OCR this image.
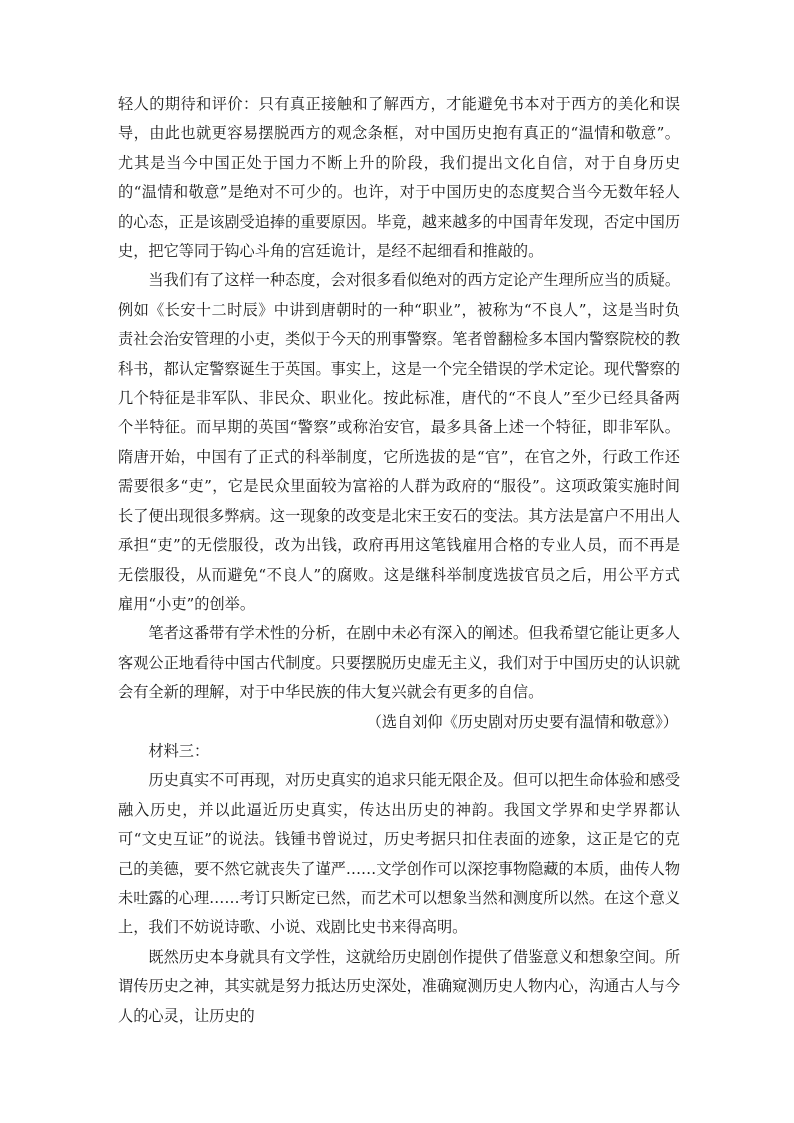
轻人的期待和评价：只有真正接触和了解西方，才能避免书本对于西方的美化和误导，由此也就更容易摆脱西方的观念条框，对中国历史抱有真正的“温情和敬意”。尤其是当今中国正处于国力不断上升的阶段，我们提出文化自信，对于自身历史的“温情和敬意”是绝对不可少的。也许，对于中国历史的态度契合当今无数年轻人的心态，正是该剧受追捧的重要原因。毕竟，越来越多的中国青年发现，否定中国历史，把它等同于钩心斗角的宫廷诡计，是经不起细看和推敲的。

当我们有了这样一种态度，会对很多看似绝对的西方定论产生理所应当的质疑。例如《长安十二时辰》中讲到唐朝时的一种“职业”，被称为“不良人”，这是当时负责社会治安管理的小吏，类似于今天的刑事警察。笔者曾翻检多本国内警察院校的教科书，都认定警察诞生于英国。事实上，这是一个完全错误的学术定论。现代警察的几个特征是非军队、非民众、职业化。按此标准，唐代的“不良人”至少已经具备两个半特征。而早期的英国“警察”或称治安官，最多具备上述一个特征，即非军队。隋唐开始，中国有了正式的科举制度，它所选拔的是“官”，在官之外，行政工作还需要很多“吏”，它是民众里面较为富裕的人群为政府的“服役”。这项政策实施时间长了便出现很多弊病。这一现象的改变是北宋王安石的变法。其方法是富户不用出人承担“吏”的无偿服役，改为出钱，政府再用这笔钱雇用合格的专业人员，而不再是无偿服役，从而避免“不良人”的腐败。这是继科举制度选拔官员之后，用公平方式雇用“小吏”的创举。

笔者这番带有学术性的分析，在剧中未必有深入的阐述。但我希望它能让更多人客观公正地看待中国古代制度。只要摆脱历史虚无主义，我们对于中国历史的认识就会有全新的理解，对于中华民族的伟大复兴就会有更多的自信。

（选自刘仰《历史剧对历史要有温情和敬意》）

材料三：

历史真实不可再现，对历史真实的追求只能无限企及。但可以把生命体验和感受融入历史，并以此逼近历史真实，传达出历史的神韵。我国文学界和史学界都认可“文史互证”的说法。钱锺书曾说过，历史考据只扣住表面的迹象，这正是它的克己的美德，要不然它就丧失了谨严……文学创作可以深挖事物隐藏的本质，曲传人物未吐露的心理……考订只断定已然，而艺术可以想象当然和测度所以然。在这个意义上，我们不妨说诗歌、小说、戏剧比史书来得高明。

既然历史本身就具有文学性，这就给历史剧创作提供了借鉴意义和想象空间。所谓传历史之神，其实就是努力抵达历史深处，准确窥测历史人物内心，沟通古人与今人的心灵，让历史的
